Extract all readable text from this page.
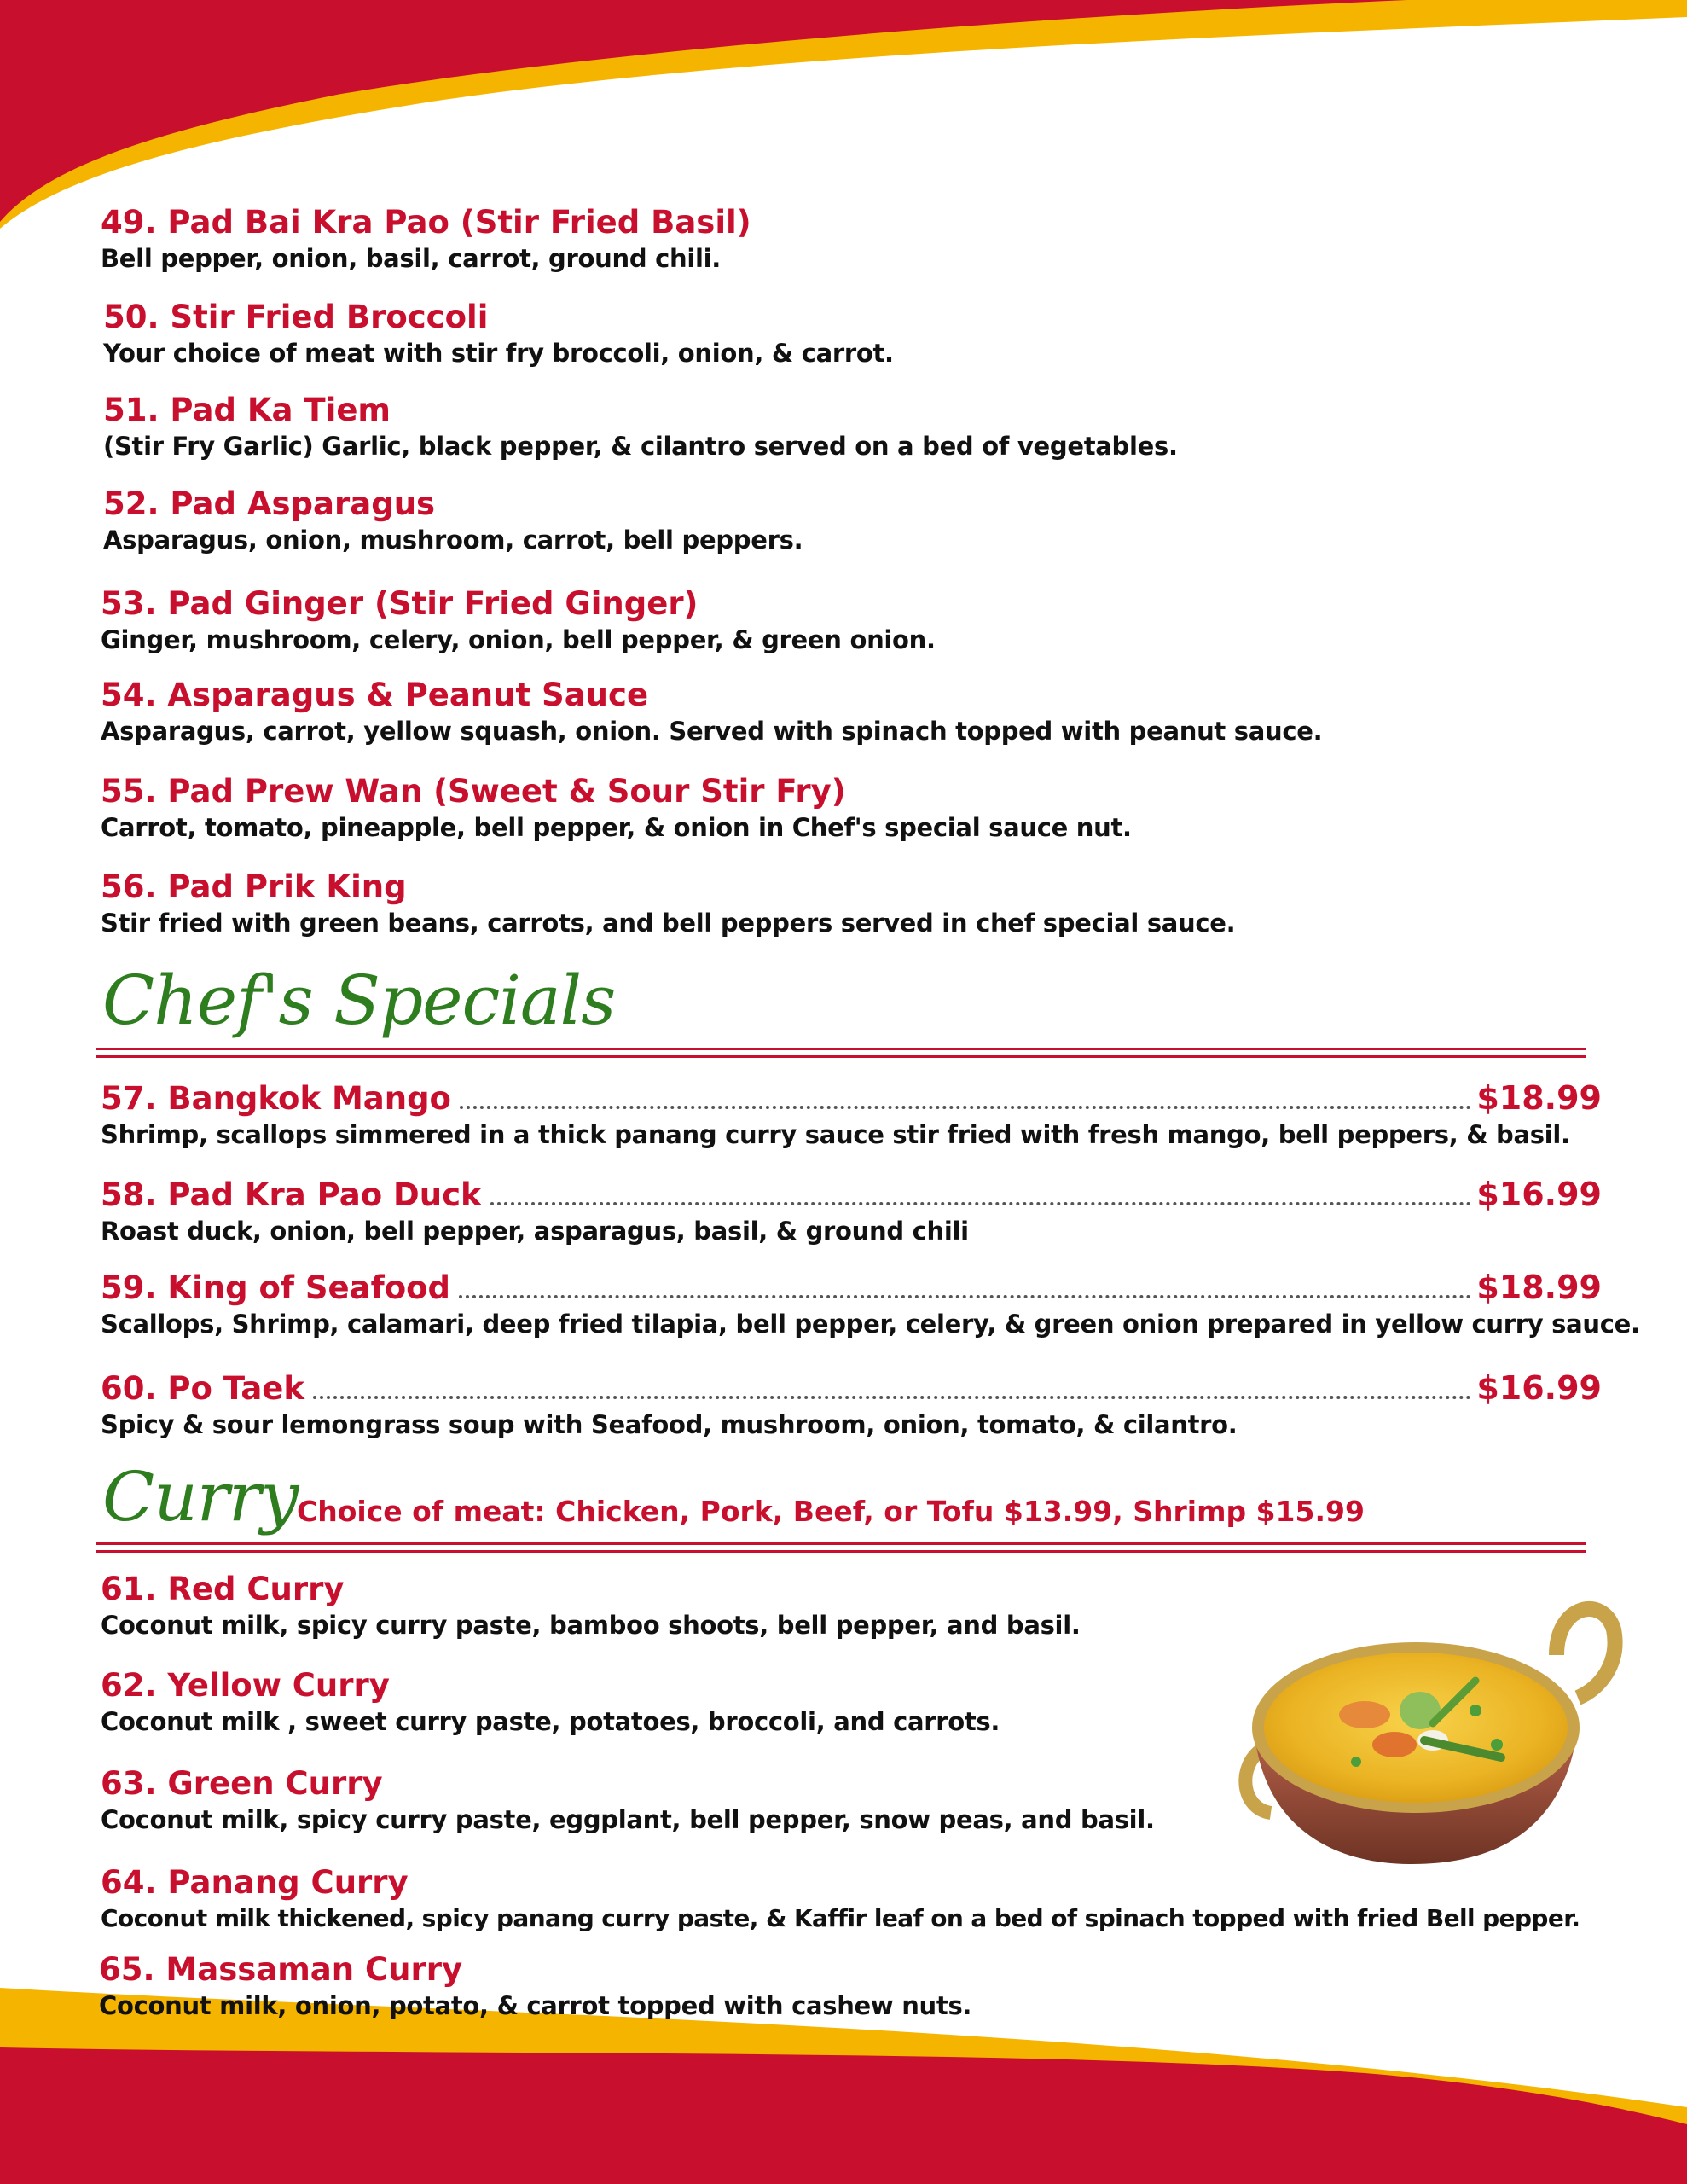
49. Pad Bai Kra Pao (Stir Fried Basil)
Bell pepper, onion, basil, carrot, ground chili.
50. Stir Fried Broccoli
Your choice of meat with stir fry broccoli, onion, & carrot.
51. Pad Ka Tiem
(Stir Fry Garlic) Garlic, black pepper, & cilantro served on a bed of vegetables.
52. Pad Asparagus
Asparagus, onion, mushroom, carrot, bell peppers.
53. Pad Ginger (Stir Fried Ginger)
Ginger, mushroom, celery, onion, bell pepper, & green onion.
54. Asparagus & Peanut Sauce
Asparagus, carrot, yellow squash, onion. Served with spinach topped with peanut sauce.
55. Pad Prew Wan (Sweet & Sour Stir Fry)
Carrot, tomato, pineapple, bell pepper, & onion in Chef's special sauce nut.
56. Pad Prik King
Stir fried with green beans, carrots, and bell peppers served in chef special sauce.
Chef's Specials
57. Bangkok Mango	$18.99
Shrimp, scallops simmered in a thick panang curry sauce stir fried with fresh mango, bell peppers, & basil.
58. Pad Kra Pao Duck	$16.99
Roast duck, onion, bell pepper, asparagus, basil, & ground chili
59. King of Seafood	$18.99
Scallops, Shrimp, calamari, deep fried tilapia, bell pepper, celery, & green onion prepared in yellow curry sauce.
60. Po Taek	$16.99
Spicy & sour lemongrass soup with Seafood, mushroom, onion, tomato, & cilantro.
Curry
Choice of meat: Chicken, Pork, Beef, or Tofu $13.99, Shrimp $15.99
61. Red Curry
Coconut milk, spicy curry paste, bamboo shoots, bell pepper, and basil.
62. Yellow Curry
Coconut milk , sweet curry paste, potatoes, broccoli, and carrots.
63. Green Curry
Coconut milk, spicy curry paste, eggplant, bell pepper, snow peas, and basil.
64. Panang Curry
Coconut milk thickened, spicy panang curry paste, & Kaffir leaf on a bed of spinach topped with fried Bell pepper.
65. Massaman Curry
Coconut milk, onion, potato, & carrot topped with cashew nuts.
